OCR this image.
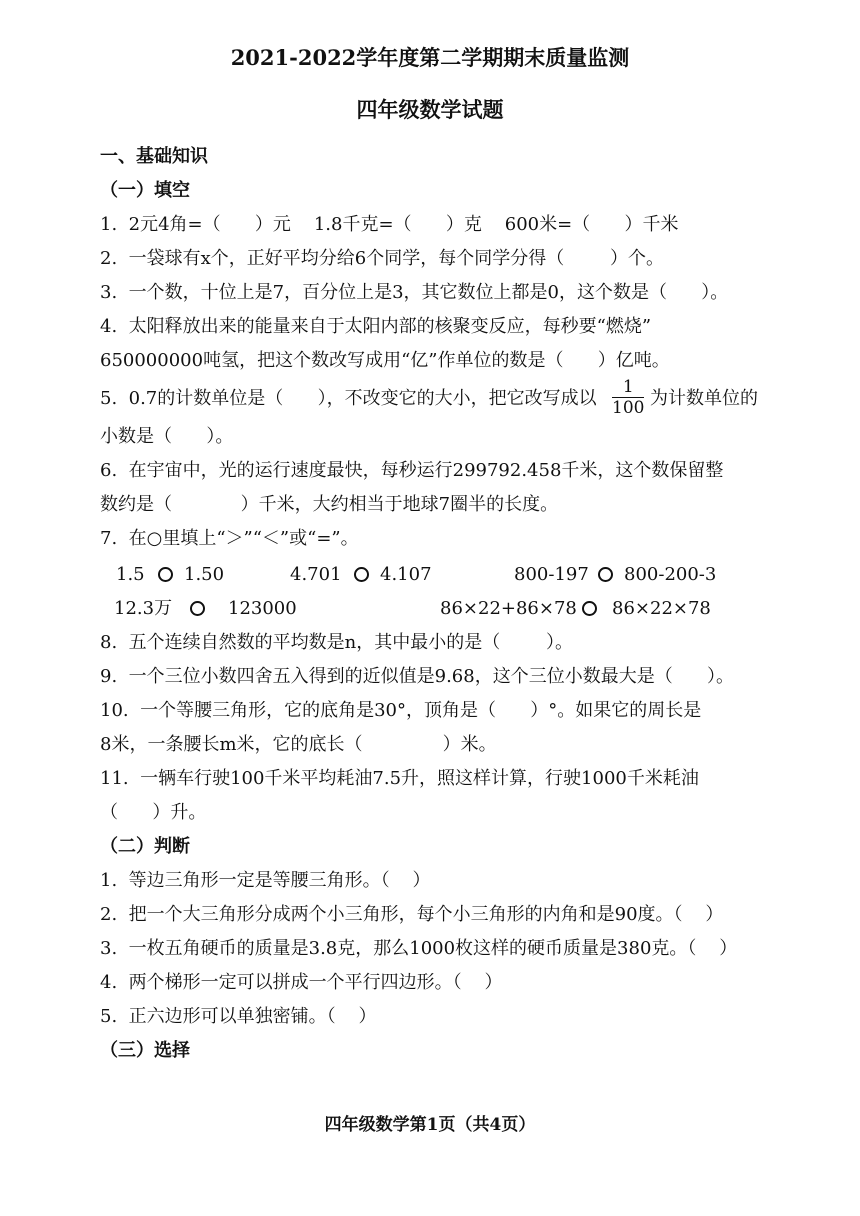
2021-2022学年度第二学期期末质量监测
四年级数学试题
一、基础知识
（一）填空
1.  2元4角=（      ）元    1.8千克=（      ）克    600米=（      ）千米
2.  一袋球有x个，正好平均分给6个同学，每个同学分得（        ）个。
3.  一个数，十位上是7，百分位上是3，其它数位上都是0，这个数是（      ）。
4.  太阳释放出来的能量来自于太阳内部的核聚变反应，每秒要“燃烧”
650000000吨氢，把这个数改写成用“亿”作单位的数是（      ）亿吨。
5.  0.7的计数单位是（      ），不改变它的大小，把它改写成以 $\frac{1}{100}$ 为计数单位的
小数是（      ）。
6.  在宇宙中，光的运行速度最快，每秒运行299792.458千米，这个数保留整
数约是（            ）千米，大约相当于地球7圈半的长度。
7.  在○里填上“＞”“＜”或“=”。
1.5 1.50	4.701 4.107	800-197 800-200-3
12.3万	123000	86×22+86×78 86×22×78
8.  五个连续自然数的平均数是n，其中最小的是（        ）。
9.  一个三位小数四舍五入得到的近似值是9.68，这个三位小数最大是（      ）。
10.  一个等腰三角形，它的底角是30°，顶角是（      ）°。如果它的周长是
8米，一条腰长m米，它的底长（              ）米。
11.  一辆车行驶100千米平均耗油7.5升，照这样计算，行驶1000千米耗油
（      ）升。
（二）判断
1.  等边三角形一定是等腰三角形。（    ）
2.  把一个大三角形分成两个小三角形，每个小三角形的内角和是90度。（    ）
3.  一枚五角硬币的质量是3.8克，那么1000枚这样的硬币质量是380克。（    ）
4.  两个梯形一定可以拼成一个平行四边形。（    ）
5.  正六边形可以单独密铺。（    ）
（三）选择
四年级数学第1页（共4页）
